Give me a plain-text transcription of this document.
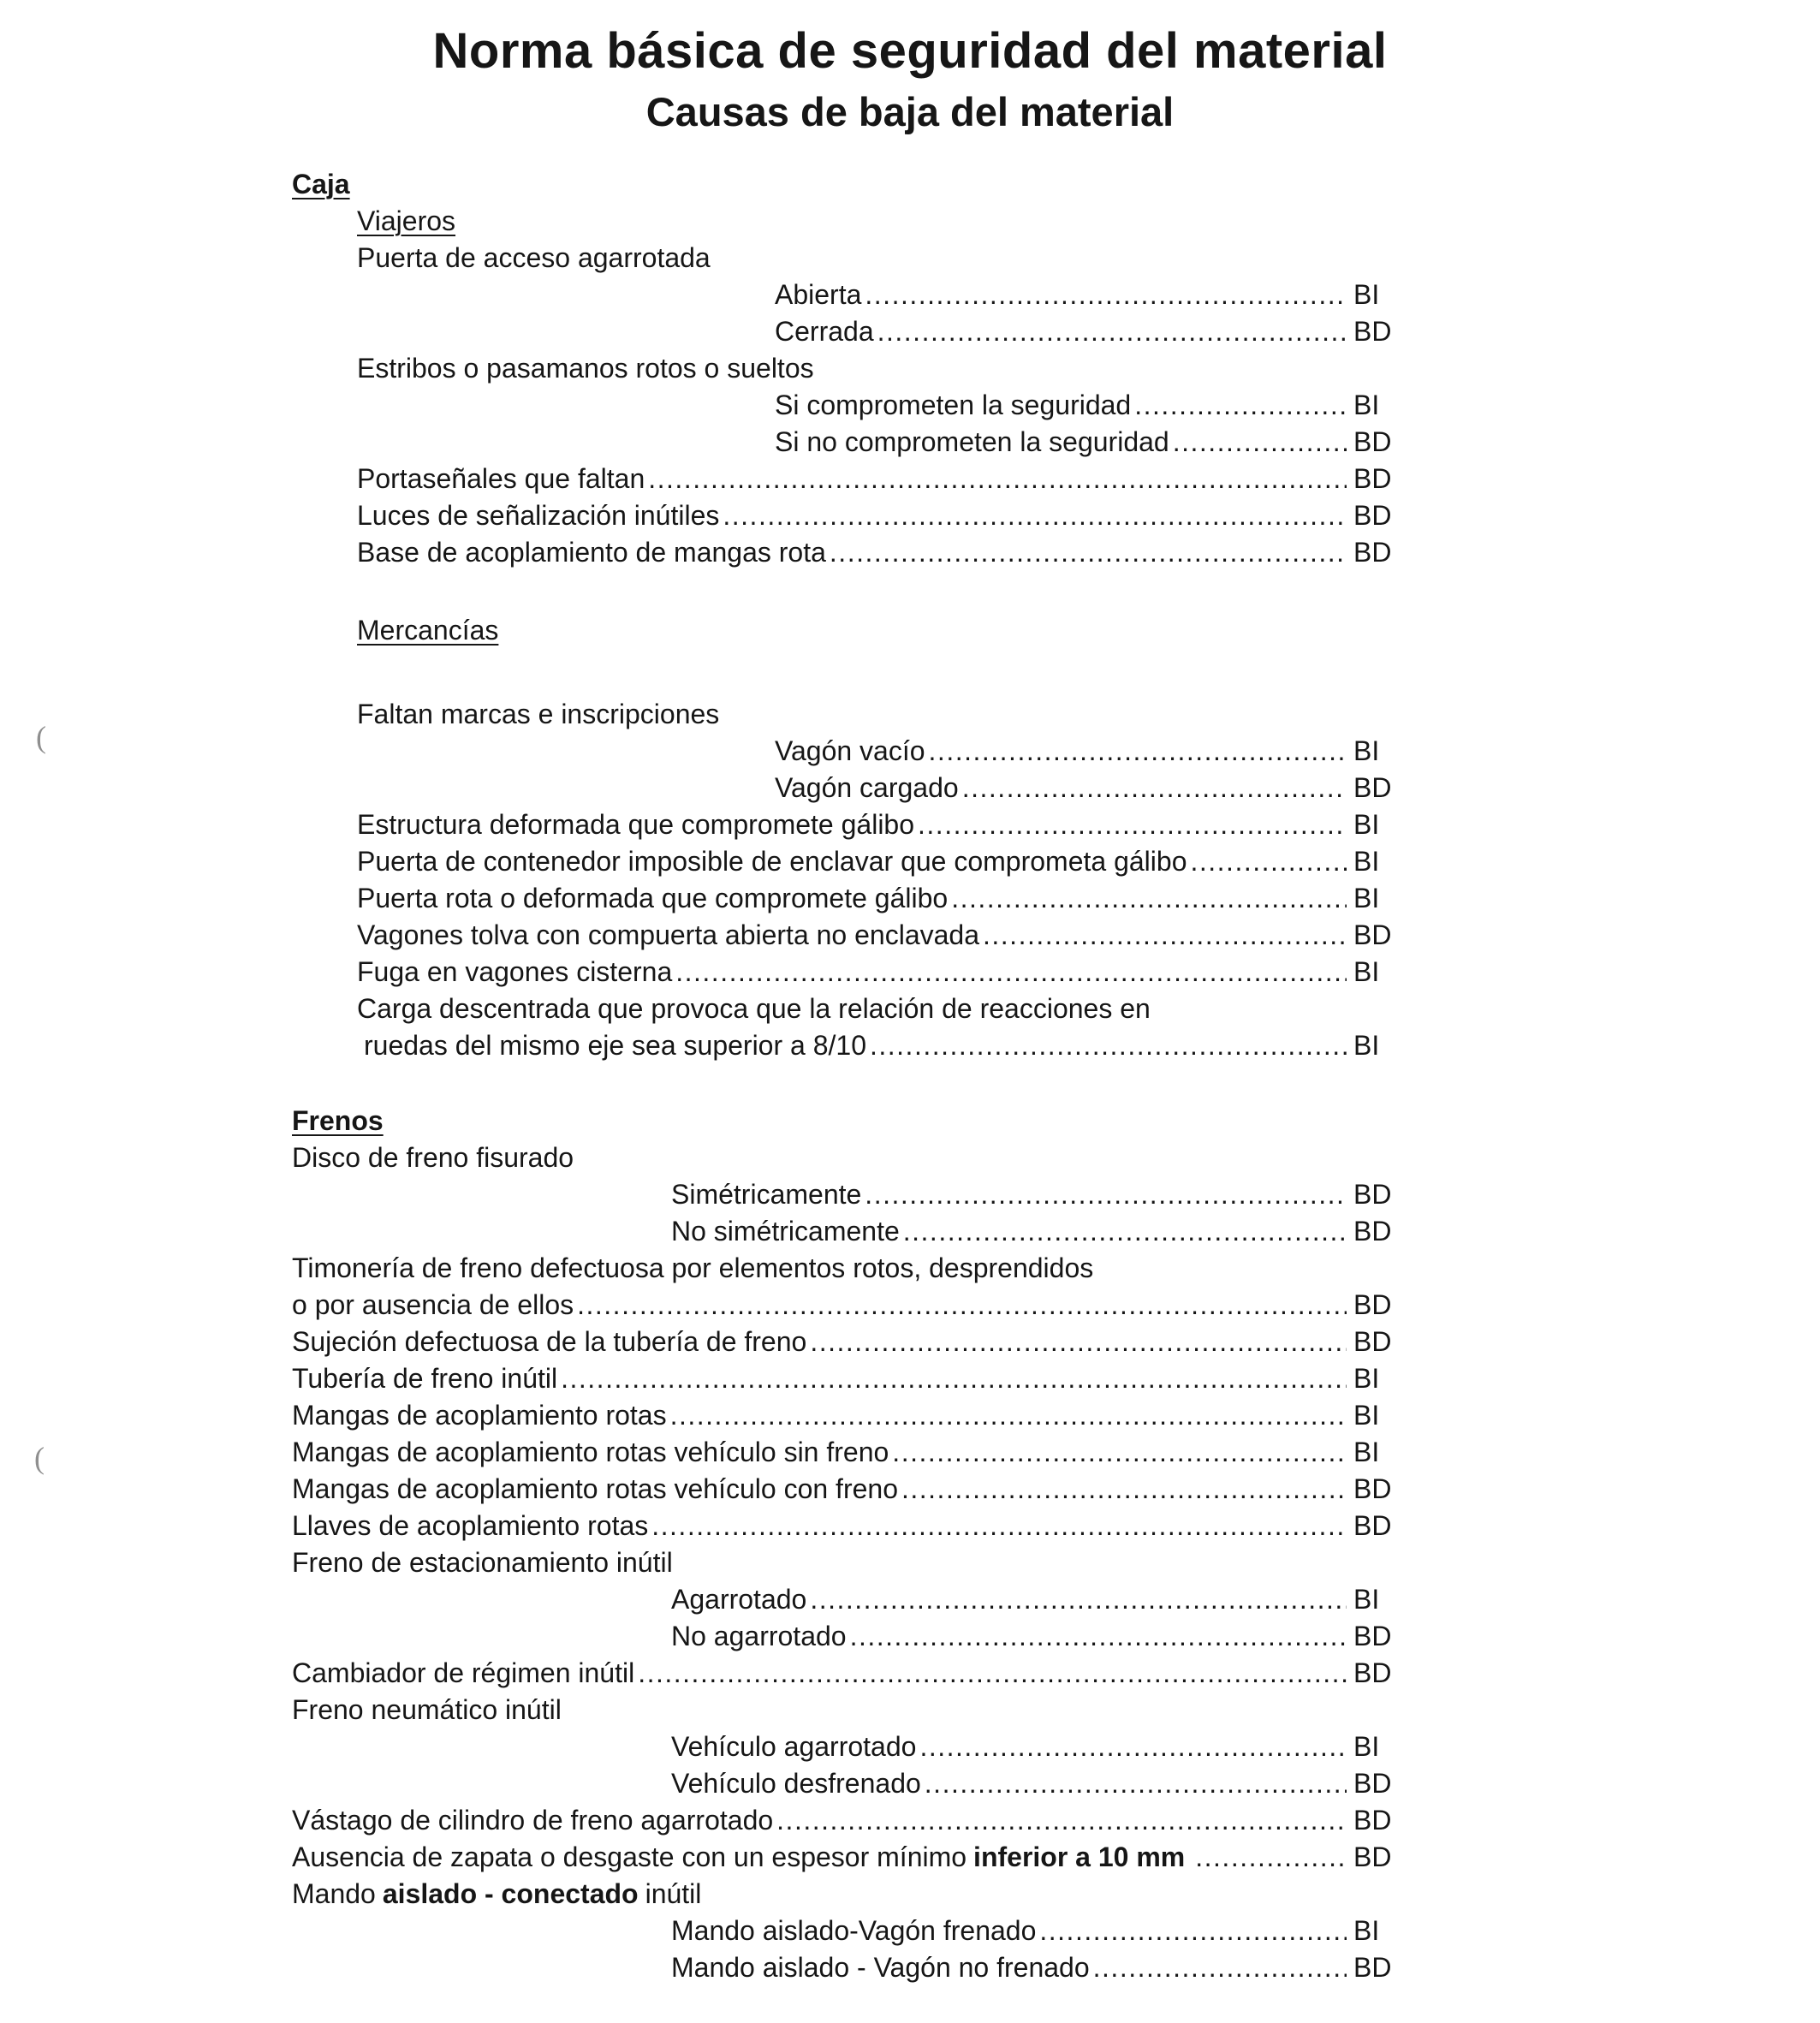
Norma básica de seguridad del material
Causas de baja del material
(
(
Caja
Viajeros
Puerta de acceso agarrotada
Abierta .....	BI
Cerrada .....	BD
Estribos o pasamanos rotos o sueltos
Si comprometen la seguridad .....	BI
Si no comprometen la seguridad .....	BD
Portaseñales que faltan .....	BD
Luces de señalización inútiles .....	BD
Base de acoplamiento de mangas rota .....	BD
Mercancías
Faltan marcas e inscripciones
Vagón vacío .....	BI
Vagón cargado .....	BD
Estructura deformada que compromete gálibo .....	BI
Puerta de contenedor imposible de enclavar que comprometa gálibo .....	BI
Puerta rota o deformada que compromete gálibo .....	BI
Vagones tolva con compuerta abierta no enclavada .....	BD
Fuga en vagones cisterna .....	BI
Carga descentrada que provoca que la relación de reacciones en
ruedas del mismo eje sea superior a 8/10 .....	BI
Frenos
Disco de freno fisurado
Simétricamente .....	BD
No simétricamente .....	BD
Timonería de freno defectuosa por elementos rotos, desprendidos
o por ausencia de ellos .....	BD
Sujeción defectuosa de la tubería de freno .....	BD
Tubería de freno inútil .....	BI
Mangas de acoplamiento rotas .....	BI
Mangas de acoplamiento rotas vehículo sin freno .....	BI
Mangas de acoplamiento rotas vehículo con freno .....	BD
Llaves de acoplamiento rotas .....	BD
Freno de estacionamiento inútil
Agarrotado .....	BI
No agarrotado .....	BD
Cambiador de régimen inútil .....	BD
Freno neumático inútil
Vehículo agarrotado .....	BI
Vehículo desfrenado .....	BD
Vástago de cilindro de freno agarrotado .....	BD
Ausencia de zapata o desgaste con un espesor mínimo inferior a 10 mm .....	BD
Mando aislado - conectado inútil
Mando aislado-Vagón frenado .....	BI
Mando aislado - Vagón no frenado .....	BD
